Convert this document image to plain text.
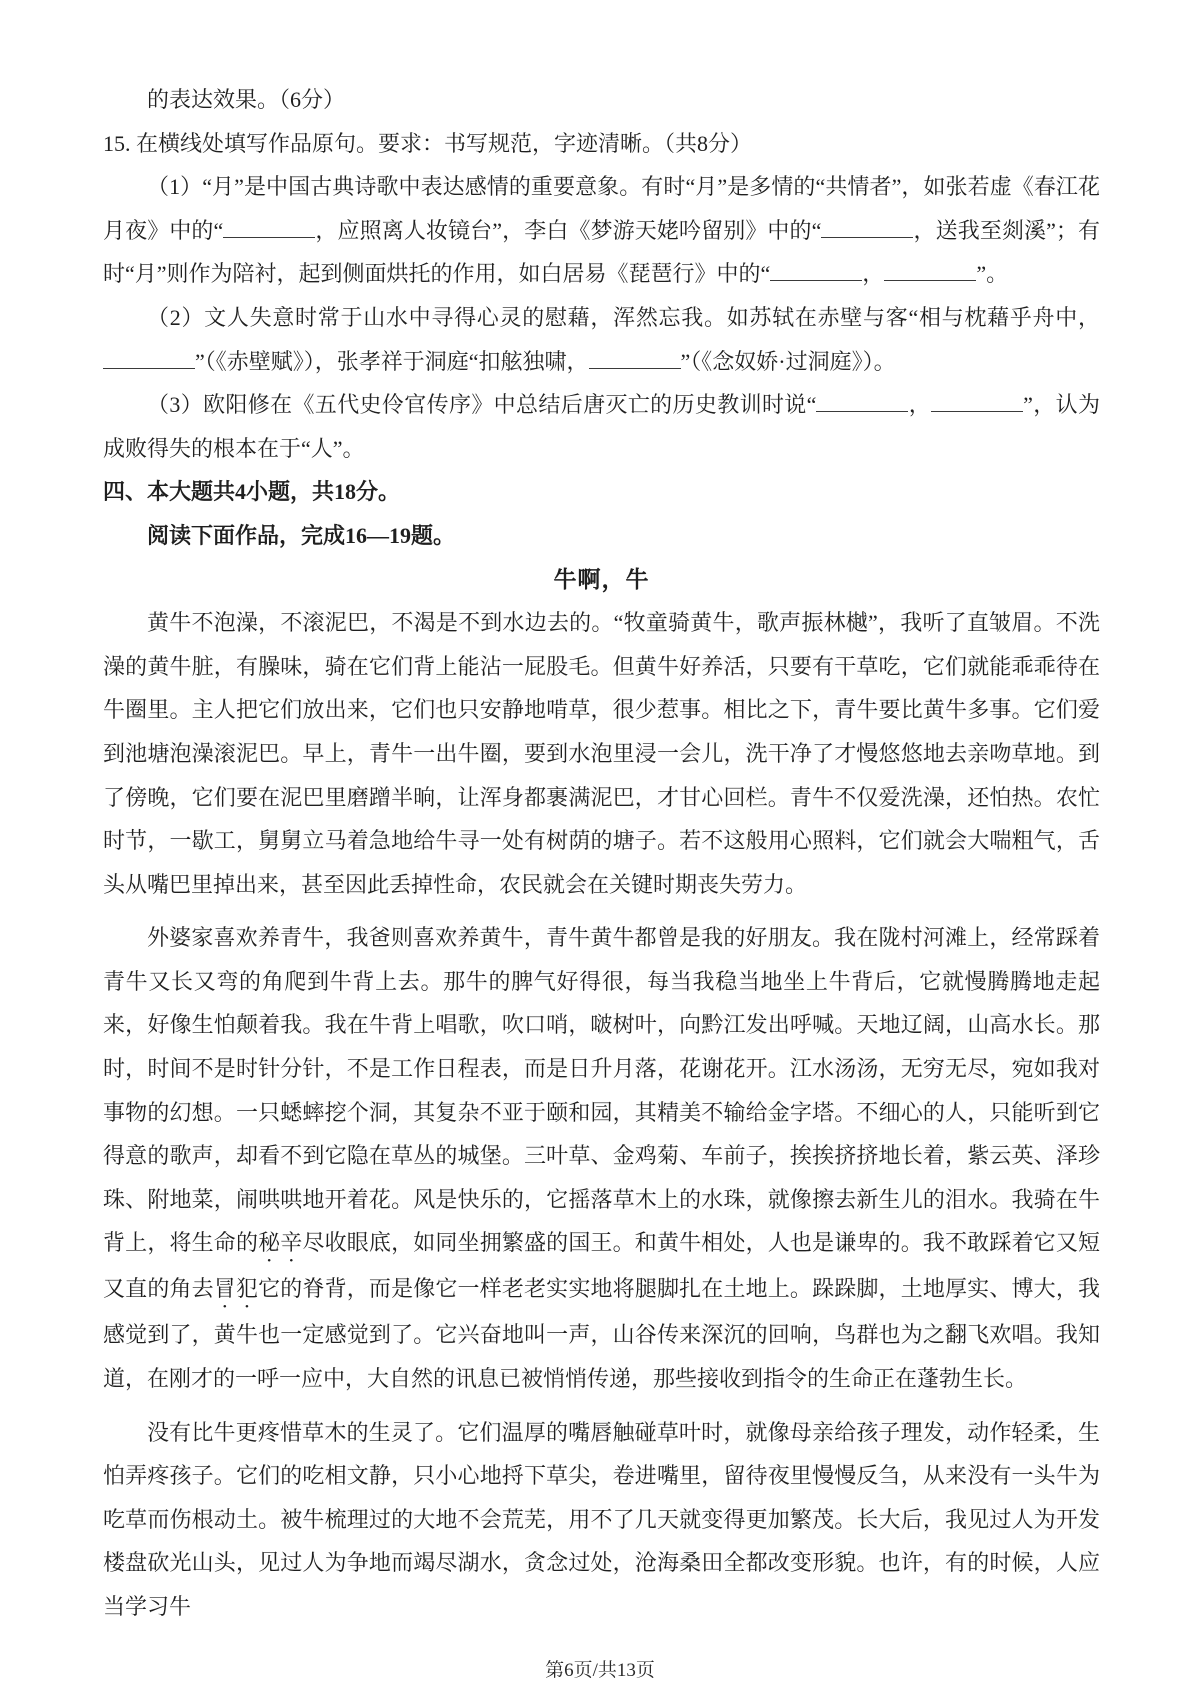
的表达效果。（6分）

15. 在横线处填写作品原句。要求：书写规范，字迹清晰。（共8分）

（1）“月”是中国古典诗歌中表达感情的重要意象。有时“月”是多情的“共情者”，如张若虚《春江花月夜》中的“	，应照离人妆镜台”，李白《梦游天姥吟留别》中的“	，送我至剡溪”；有时“月”则作为陪衬，起到侧面烘托的作用，如白居易《琵琶行》中的“	，	”。

（2）文人失意时常于山水中寻得心灵的慰藉，浑然忘我。如苏轼在赤壁与客“相与枕藉乎舟中，”（《赤壁赋》），张孝祥于洞庭“扣舷独啸，	”（《念奴娇·过洞庭》）。

（3）欧阳修在《五代史伶官传序》中总结后唐灭亡的历史教训时说“	，	”，认为成败得失的根本在于“人”。

四、本大题共4小题，共18分。

阅读下面作品，完成16—19题。

牛啊，牛

黄牛不泡澡，不滚泥巴，不渴是不到水边去的。“牧童骑黄牛，歌声振林樾”，我听了直皱眉。不洗澡的黄牛脏，有臊味，骑在它们背上能沾一屁股毛。但黄牛好养活，只要有干草吃，它们就能乖乖待在牛圈里。主人把它们放出来，它们也只安静地啃草，很少惹事。相比之下，青牛要比黄牛多事。它们爱到池塘泡澡滚泥巴。早上，青牛一出牛圈，要到水泡里浸一会儿，洗干净了才慢悠悠地去亲吻草地。到了傍晚，它们要在泥巴里磨蹭半晌，让浑身都裹满泥巴，才甘心回栏。青牛不仅爱洗澡，还怕热。农忙时节，一歇工，舅舅立马着急地给牛寻一处有树荫的塘子。若不这般用心照料，它们就会大喘粗气，舌头从嘴巴里掉出来，甚至因此丢掉性命，农民就会在关键时期丧失劳力。

外婆家喜欢养青牛，我爸则喜欢养黄牛，青牛黄牛都曾是我的好朋友。我在陇村河滩上，经常踩着青牛又长又弯的角爬到牛背上去。那牛的脾气好得很，每当我稳当地坐上牛背后，它就慢腾腾地走起来，好像生怕颠着我。我在牛背上唱歌，吹口哨，啵树叶，向黔江发出呼喊。天地辽阔，山高水长。那时，时间不是时针分针，不是工作日程表，而是日升月落，花谢花开。江水汤汤，无穷无尽，宛如我对事物的幻想。一只蟋蟀挖个洞，其复杂不亚于颐和园，其精美不输给金字塔。不细心的人，只能听到它得意的歌声，却看不到它隐在草丛的城堡。三叶草、金鸡菊、车前子，挨挨挤挤地长着，紫云英、泽珍珠、附地菜，闹哄哄地开着花。风是快乐的，它摇落草木上的水珠，就像擦去新生儿的泪水。我骑在牛背上，将生命的秘辛尽收眼底，如同坐拥繁盛的国王。和黄牛相处，人也是谦卑的。我不敢踩着它又短又直的角去冒犯它的脊背，而是像它一样老老实实地将腿脚扎在土地上。跺跺脚，土地厚实、博大，我感觉到了，黄牛也一定感觉到了。它兴奋地叫一声，山谷传来深沉的回响，鸟群也为之翻飞欢唱。我知道，在刚才的一呼一应中，大自然的讯息已被悄悄传递，那些接收到指令的生命正在蓬勃生长。

没有比牛更疼惜草木的生灵了。它们温厚的嘴唇触碰草叶时，就像母亲给孩子理发，动作轻柔，生怕弄疼孩子。它们的吃相文静，只小心地捋下草尖，卷进嘴里，留待夜里慢慢反刍，从来没有一头牛为吃草而伤根动土。被牛梳理过的大地不会荒芜，用不了几天就变得更加繁茂。长大后，我见过人为开发楼盘砍光山头，见过人为争地而竭尽湖水，贪念过处，沧海桑田全都改变形貌。也许，有的时候，人应当学习牛

第6页/共13页
